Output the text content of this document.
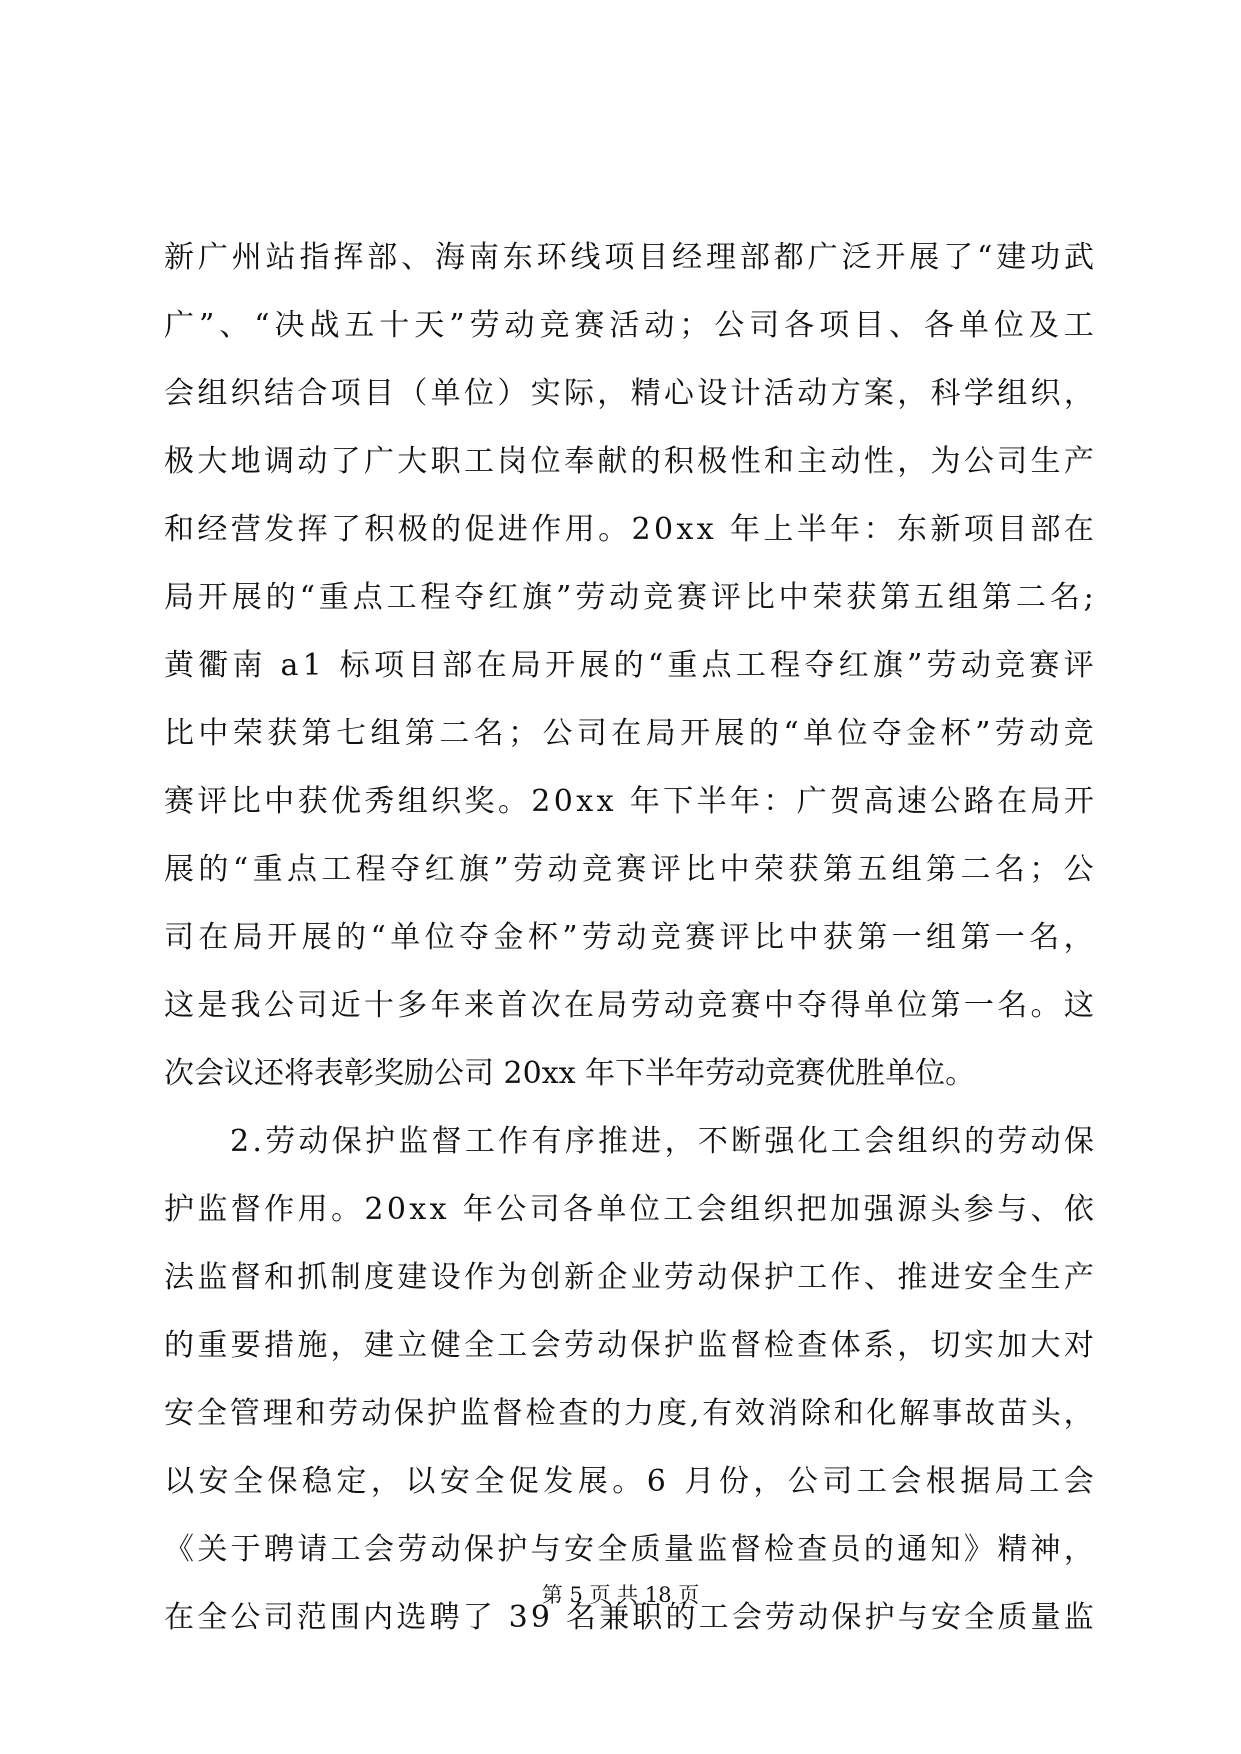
新 广 州 站 指 挥 部 、 海 南 东 环 线 项 目 经 理 部 都 广 泛 开 展 了 “ 建 功 武
广 ” 、 “ 决 战 五 十 天 ” 劳 动 竞 赛 活 动 ； 公 司 各 项 目 、 各 单 位 及 工
会 组 织 结 合 项 目 （ 单 位 ） 实 际 ， 精 心 设 计 活 动 方 案 ， 科 学 组 织 ，
极 大 地 调 动 了 广 大 职 工 岗 位 奉 献 的 积 极 性 和 主 动 性 ， 为 公 司 生 产
和 经 营 发 挥 了 积 极 的 促 进 作 用 。 2 0 x x
年 上 半 年 ： 东 新 项 目 部 在
局 开 展 的 “ 重 点 工 程 夺 红 旗 ” 劳 动 竞 赛 评 比 中 荣 获 第 五 组 第 二 名 ;
黄 衢 南
a 1
标 项 目 部 在 局 开 展 的 “ 重 点 工 程 夺 红 旗 ” 劳 动 竞 赛 评
比 中 荣 获 第 七 组 第 二 名 ； 公 司 在 局 开 展 的 “ 单 位 夺 金 杯 ” 劳 动 竞
赛 评 比 中 获 优 秀 组 织 奖 。 2 0 x x
年 下 半 年 ： 广 贺 高 速 公 路 在 局 开
展 的 “ 重 点 工 程 夺 红 旗 ” 劳 动 竞 赛 评 比 中 荣 获 第 五 组 第 二 名 ； 公
司 在 局 开 展 的 “ 单 位 夺 金 杯 ” 劳 动 竞 赛 评 比 中 获 第 一 组 第 一 名 ，
这 是 我 公 司 近 十 多 年 来 首 次 在 局 劳 动 竞 赛 中 夺 得 单 位 第 一 名 。 这
次会议还将表彰奖励公司 20xx 年下半年劳动竞赛优胜单位。
2 . 劳 动 保 护 监 督 工 作 有 序 推 进 ， 不 断 强 化 工 会 组 织 的 劳 动 保
护 监 督 作 用 。 2 0 x x
年 公 司 各 单 位 工 会 组 织 把 加 强 源 头 参 与 、 依
法 监 督 和 抓 制 度 建 设 作 为 创 新 企 业 劳 动 保 护 工 作 、 推 进 安 全 生 产
的 重 要 措 施 ， 建 立 健 全 工 会 劳 动 保 护 监 督 检 查 体 系 ， 切 实 加 大 对
安 全 管 理 和 劳 动 保 护 监 督 检 查 的 力 度 , 有 效 消 除 和 化 解 事 故 苗 头 ，
以 安 全 保 稳 定 ， 以 安 全 促 发 展 。 6
月 份 ， 公 司 工 会 根 据 局 工 会
《 关 于 聘 请 工 会 劳 动 保 护 与 安 全 质 量 监 督 检 查 员 的 通 知 》 精 神 ，
在 全 公 司 范 围 内 选 聘 了
3 9
名 兼 职 的 工 会 劳 动 保 护 与 安 全 质 量 监
第 5 页 共 18 页
